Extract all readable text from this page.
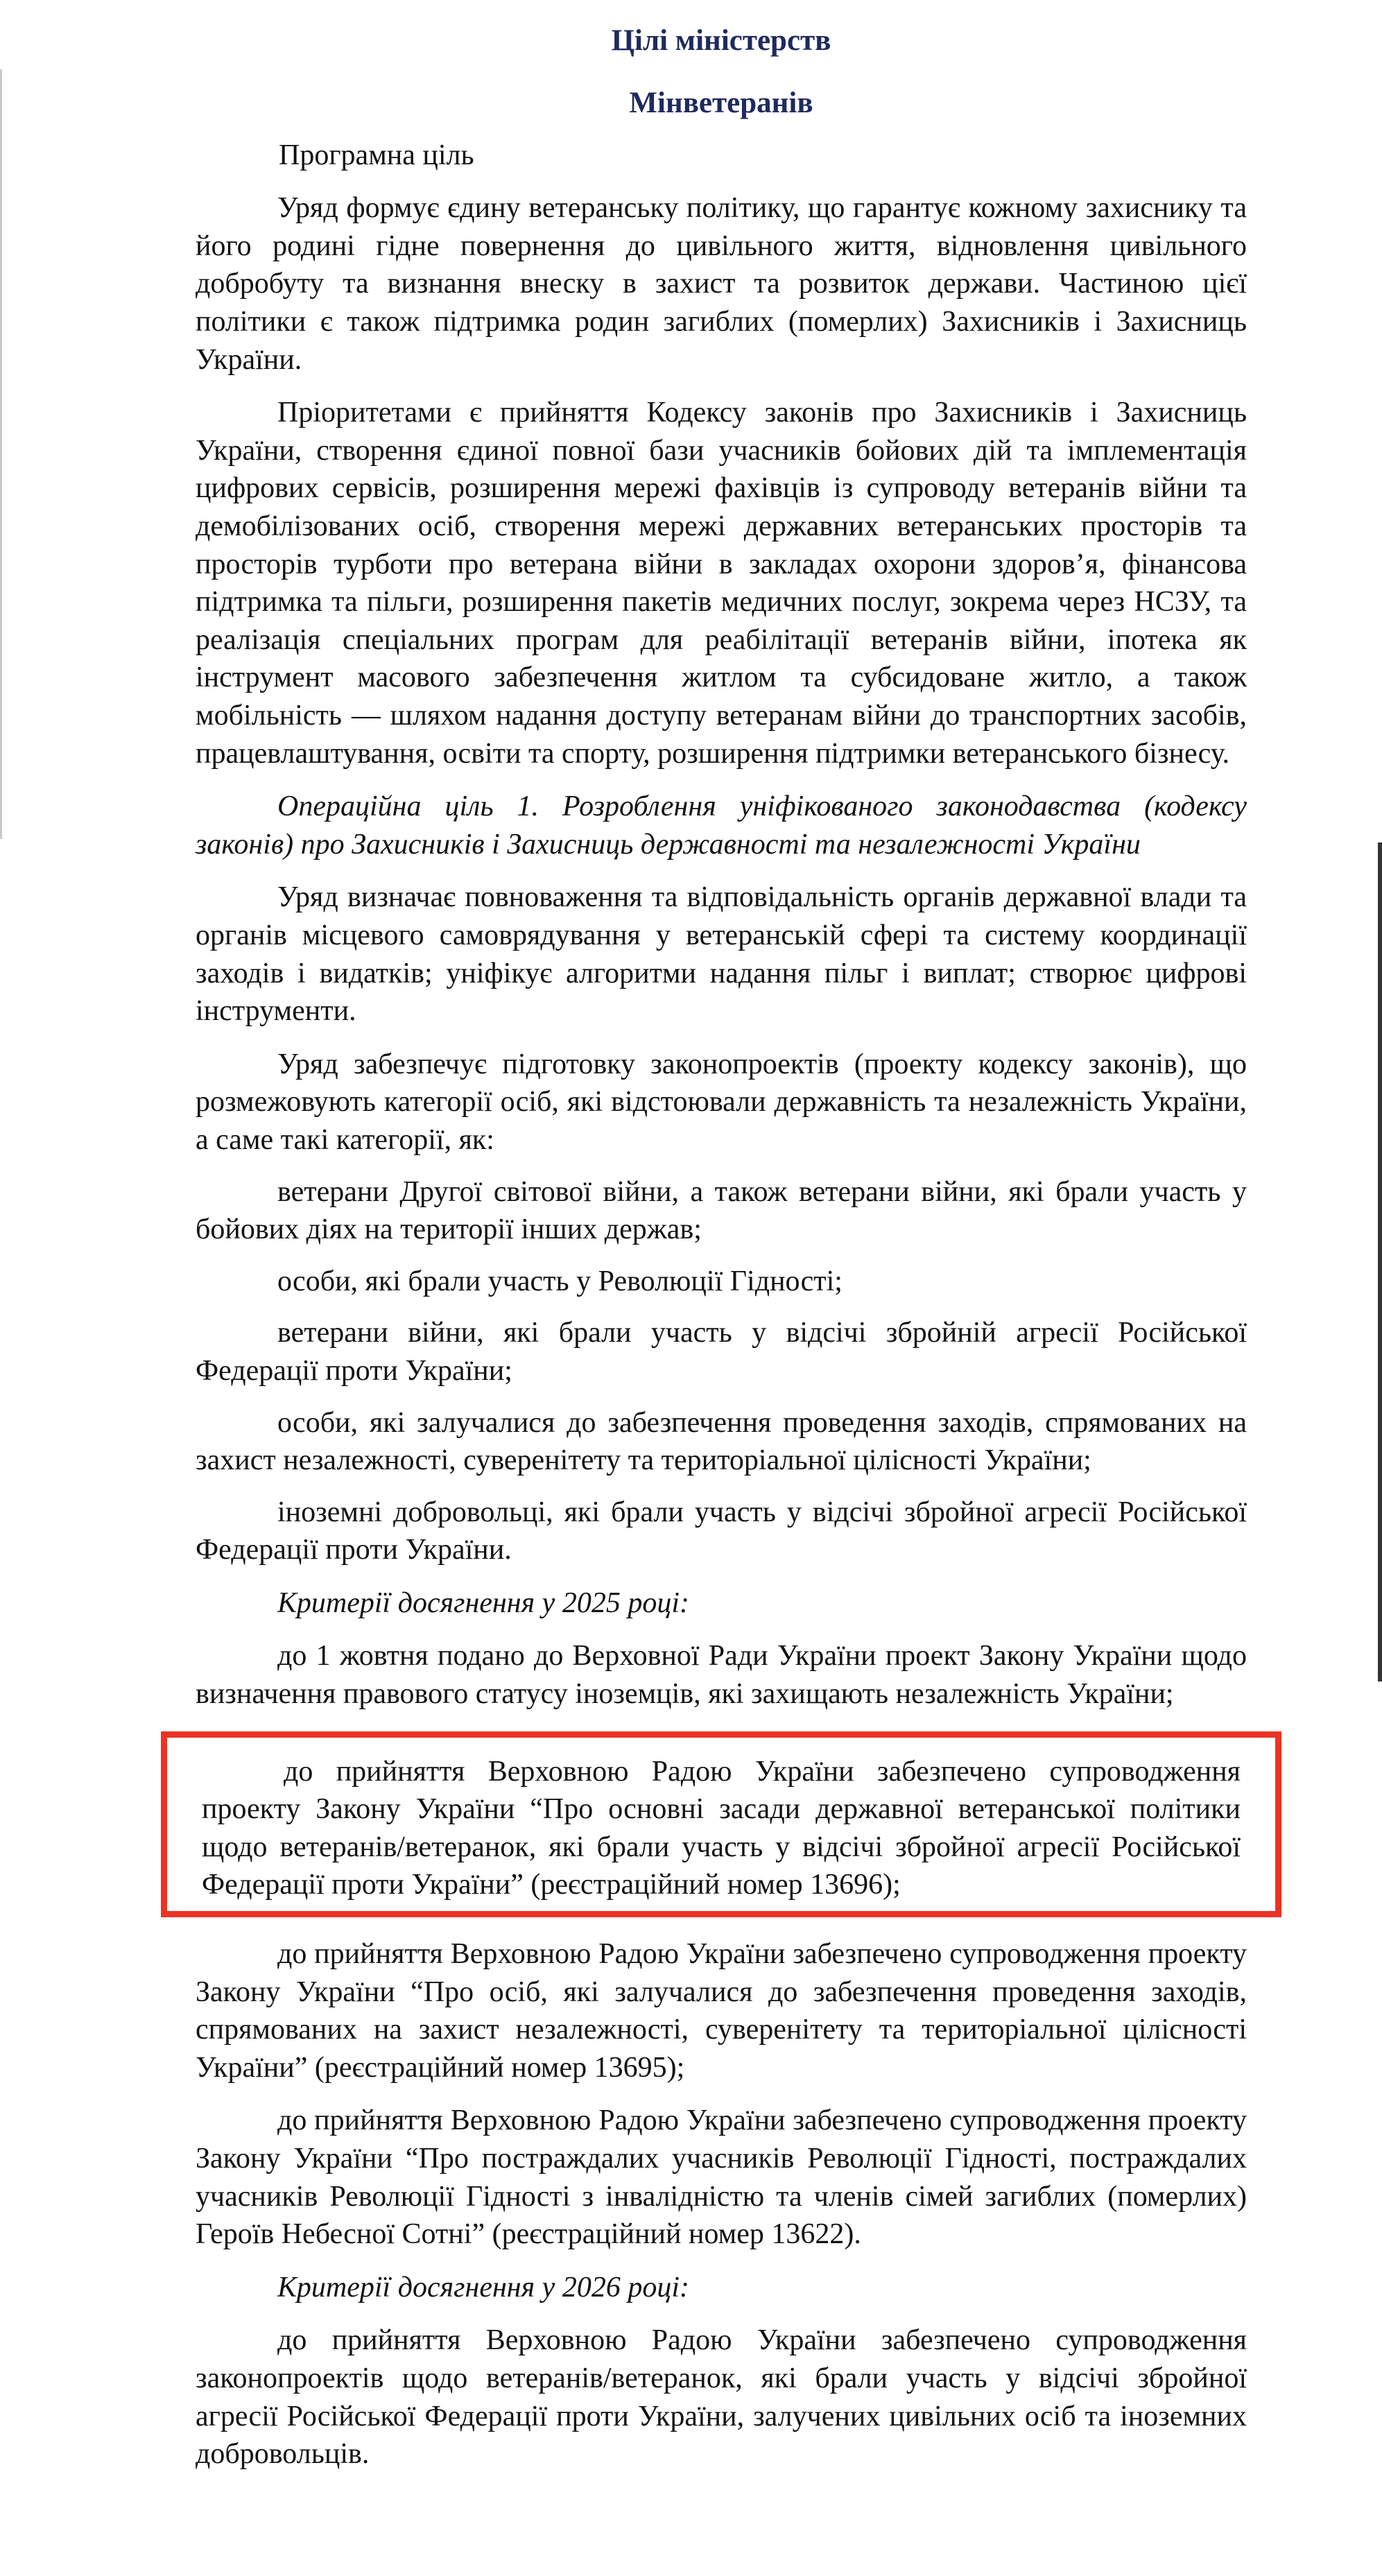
Цілі міністерств
Мінветеранів

Програмна ціль

Уряд формує єдину ветеранську політику, що гарантує кожному захиснику та його родині гідне повернення до цивільного життя, відновлення цивільного добробуту та визнання внеску в захист та розвиток держави. Частиною цієї політики є також підтримка родин загиблих (померлих) Захисників і Захисниць України.

Пріоритетами є прийняття Кодексу законів про Захисників і Захисниць України, створення єдиної повної бази учасників бойових дій та імплементація цифрових сервісів, розширення мережі фахівців із супроводу ветеранів війни та демобілізованих осіб, створення мережі державних ветеранських просторів та просторів турботи про ветерана війни в закладах охорони здоров’я, фінансова підтримка та пільги, розширення пакетів медичних послуг, зокрема через НСЗУ, та реалізація спеціальних програм для реабілітації ветеранів війни, іпотека як інструмент масового забезпечення житлом та субсидоване житло, а також мобільність — шляхом надання доступу ветеранам війни до транспортних засобів, працевлаштування, освіти та спорту, розширення підтримки ветеранського бізнесу.

Операційна ціль 1. Розроблення уніфікованого законодавства (кодексу законів) про Захисників і Захисниць державності та незалежності України

Уряд визначає повноваження та відповідальність органів державної влади та органів місцевого самоврядування у ветеранській сфері та систему координації заходів і видатків; уніфікує алгоритми надання пільг і виплат; створює цифрові інструменти.

Уряд забезпечує підготовку законопроектів (проекту кодексу законів), що розмежовують категорії осіб, які відстоювали державність та незалежність України, а саме такі категорії, як:

ветерани Другої світової війни, а також ветерани війни, які брали участь у бойових діях на території інших держав;

особи, які брали участь у Революції Гідності;

ветерани війни, які брали участь у відсічі збройній агресії Російської Федерації проти України;

особи, які залучалися до забезпечення проведення заходів, спрямованих на захист незалежності, суверенітету та територіальної цілісності України;

іноземні добровольці, які брали участь у відсічі збройної агресії Російської Федерації проти України.

Критерії досягнення у 2025 році:

до 1 жовтня подано до Верховної Ради України проект Закону України щодо визначення правового статусу іноземців, які захищають незалежність України;

до прийняття Верховною Радою України забезпечено супроводження проекту Закону України “Про основні засади державної ветеранської політики щодо ветеранів/ветеранок, які брали участь у відсічі збройної агресії Російської Федерації проти України” (реєстраційний номер 13696);

до прийняття Верховною Радою України забезпечено супроводження проекту Закону України “Про осіб, які залучалися до забезпечення проведення заходів, спрямованих на захист незалежності, суверенітету та територіальної цілісності України” (реєстраційний номер 13695);

до прийняття Верховною Радою України забезпечено супроводження проекту Закону України “Про постраждалих учасників Революції Гідності, постраждалих учасників Революції Гідності з інвалідністю та членів сімей загиблих (померлих) Героїв Небесної Сотні” (реєстраційний номер 13622).

Критерії досягнення у 2026 році:

до прийняття Верховною Радою України забезпечено супроводження законопроектів щодо ветеранів/ветеранок, які брали участь у відсічі збройної агресії Російської Федерації проти України, залучених цивільних осіб та іноземних добровольців.
